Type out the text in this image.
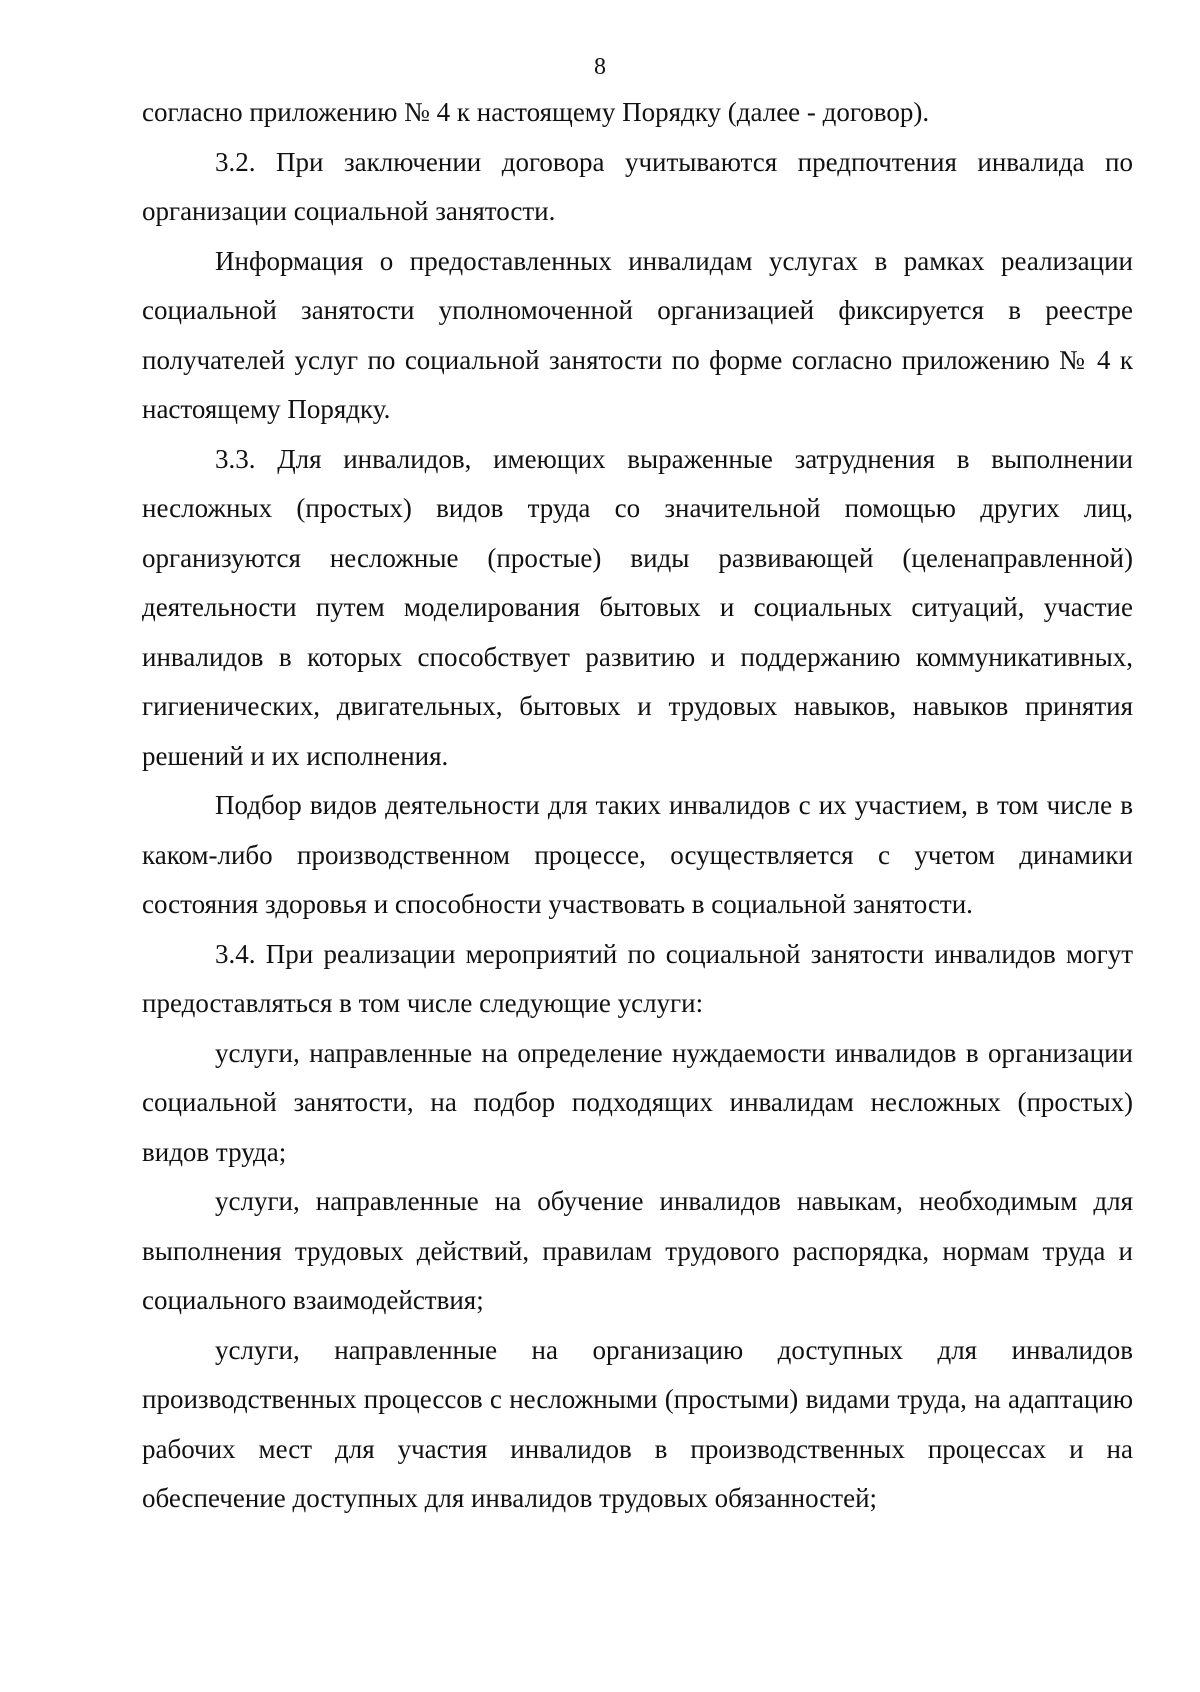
8

согласно приложению № 4 к настоящему Порядку (далее - договор).

3.2. При заключении договора учитываются предпочтения инвалида по организации социальной занятости.

Информация о предоставленных инвалидам услугах в рамках реализации социальной занятости уполномоченной организацией фиксируется в реестре получателей услуг по социальной занятости по форме согласно приложению № 4 к настоящему Порядку.

3.3. Для инвалидов, имеющих выраженные затруднения в выполнении несложных (простых) видов труда со значительной помощью других лиц, организуются несложные (простые) виды развивающей (целенаправленной) деятельности путем моделирования бытовых и социальных ситуаций, участие инвалидов в которых способствует развитию и поддержанию коммуникативных, гигиенических, двигательных, бытовых и трудовых навыков, навыков принятия решений и их исполнения.

Подбор видов деятельности для таких инвалидов с их участием, в том числе в каком-либо производственном процессе, осуществляется с учетом динамики состояния здоровья и способности участвовать в социальной занятости.

3.4. При реализации мероприятий по социальной занятости инвалидов могут предоставляться в том числе следующие услуги:

услуги, направленные на определение нуждаемости инвалидов в организации социальной занятости, на подбор подходящих инвалидам несложных (простых) видов труда;

услуги, направленные на обучение инвалидов навыкам, необходимым для выполнения трудовых действий, правилам трудового распорядка, нормам труда и социального взаимодействия;

услуги, направленные на организацию доступных для инвалидов производственных процессов с несложными (простыми) видами труда, на адаптацию рабочих мест для участия инвалидов в производственных процессах и на обеспечение доступных для инвалидов трудовых обязанностей;
